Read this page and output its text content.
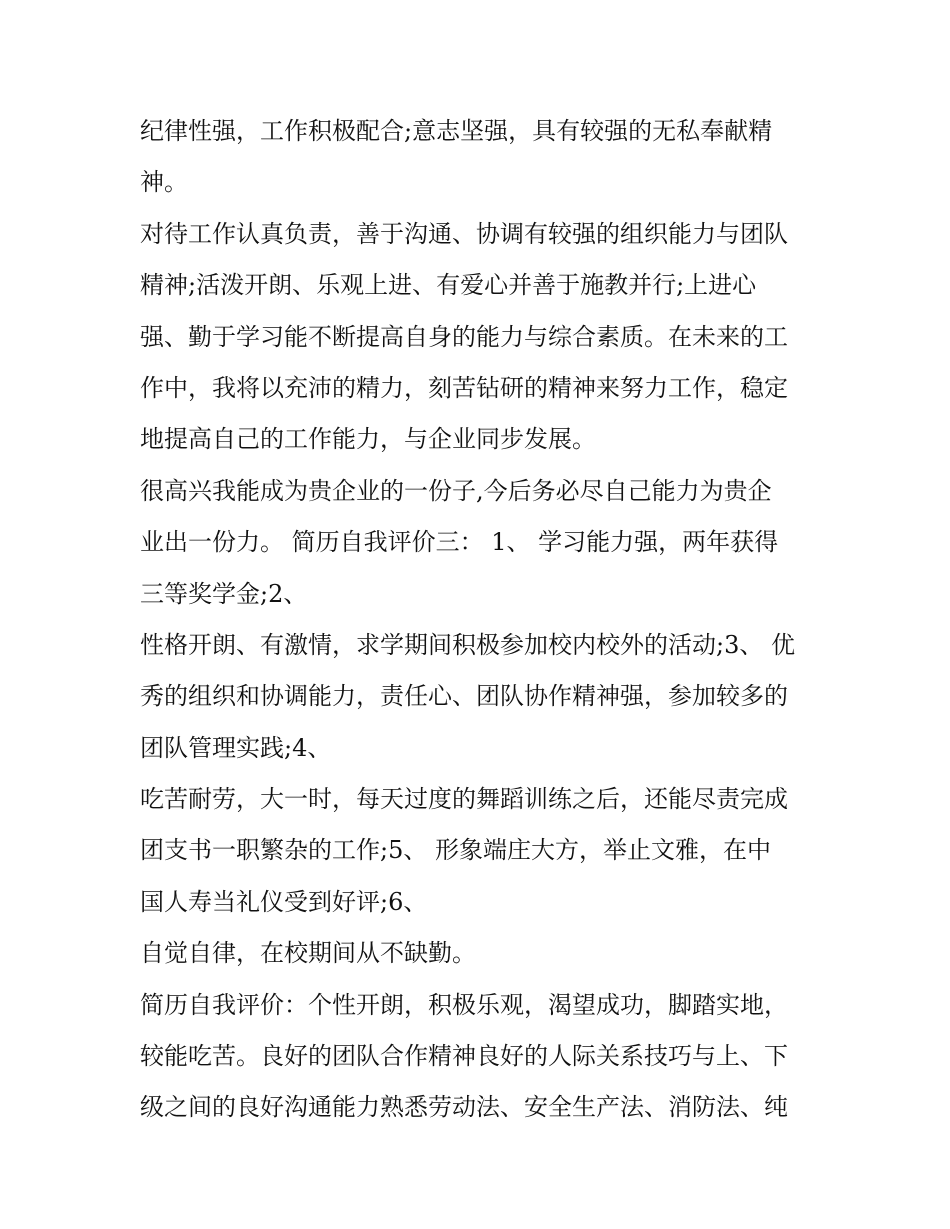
纪律性强，工作积极配合;意志坚强，具有较强的无私奉献精
神。
对待工作认真负责，善于沟通、协调有较强的组织能力与团队
精神;活泼开朗、乐观上进、有爱心并善于施教并行;上进心
强、勤于学习能不断提高自身的能力与综合素质。在未来的工
作中，我将以充沛的精力，刻苦钻研的精神来努力工作，稳定
地提高自己的工作能力，与企业同步发展。
很高兴我能成为贵企业的一份子,今后务必尽自己能力为贵企
业出一份力。 简历自我评价三： 1、 学习能力强，两年获得
三等奖学金;2、
性格开朗、有激情，求学期间积极参加校内校外的活动;3、 优
秀的组织和协调能力，责任心、团队协作精神强，参加较多的
团队管理实践;4、
吃苦耐劳，大一时，每天过度的舞蹈训练之后，还能尽责完成
团支书一职繁杂的工作;5、 形象端庄大方，举止文雅，在中
国人寿当礼仪受到好评;6、
自觉自律，在校期间从不缺勤。
简历自我评价：个性开朗，积极乐观，渴望成功，脚踏实地，
较能吃苦。良好的团队合作精神良好的人际关系技巧与上、下
级之间的良好沟通能力熟悉劳动法、安全生产法、消防法、纯
